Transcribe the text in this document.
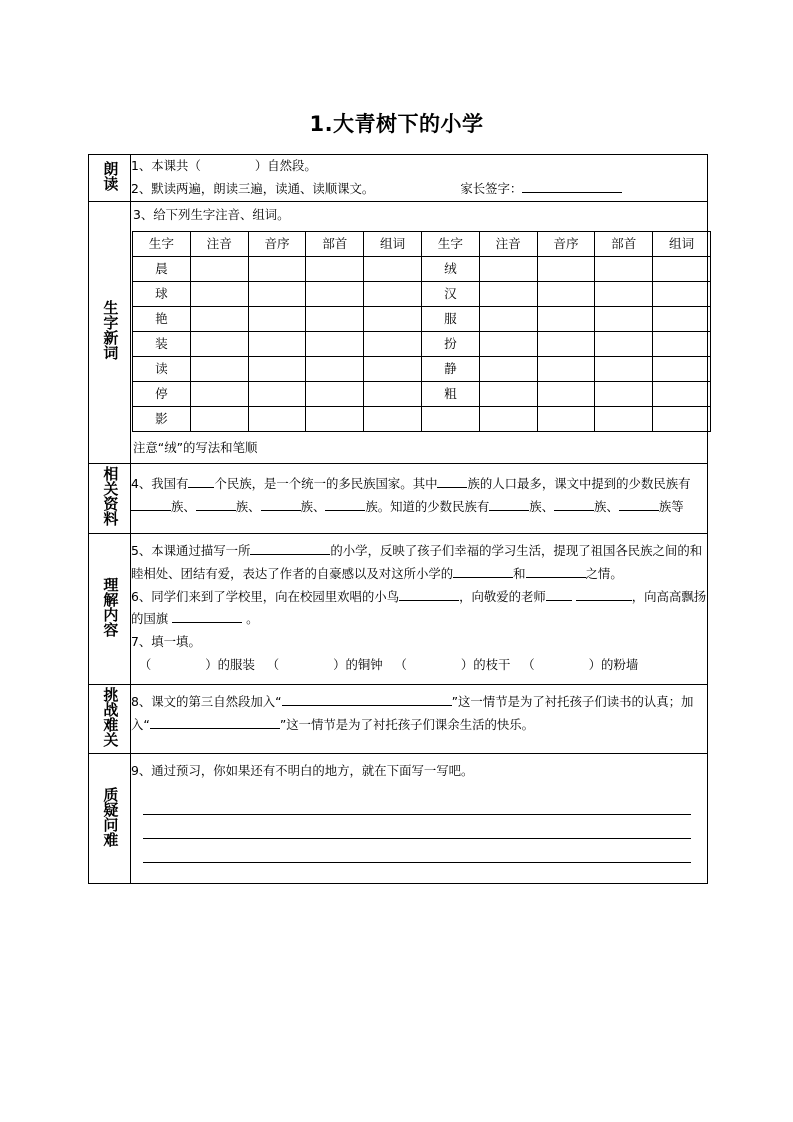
1.大青树下的小学
朗读	1、本课共（	）自然段。
2、默读两遍，朗读三遍，读通、读顺课文。	家长签字：

生字新词	
3、给下列生字注音、组词。
生字	注音	音序	部首	组词	生字	注音	音序	部首	组词
晨					绒				
球					汉				
艳					服				
装					扮				
读					静				
停					粗				
影									
注意“绒”的写法和笔顺

相关资料	4、我国有 个民族，是一个统一的多民族国家。其中 族的人口最多，课文中提到的少数民族有族、	族、	族、	族。知道的少数民族有	族、	族、	族等

理解内容	
5、本课通过描写一所	的小学，反映了孩子们幸福的学习生活，提现了祖国各民族之间的和睦相处、团结有爱，表达了作者的自豪感以及对这所小学的	和	之情。
6、同学们来到了学校里，向在校园里欢唱的小鸟	，向敬爱的老师	，向高高飘扬的国旗	。
7、填一填。
（	）的服装 （	）的铜钟 （	）的枝干 （	）的粉墙

挑战难关	8、课文的第三自然段加入“	”这一情节是为了衬托孩子们读书的认真；加入“	”这一情节是为了衬托孩子们课余生活的快乐。

质疑问难	
9、通过预习，你如果还有不明白的地方，就在下面写一写吧。
